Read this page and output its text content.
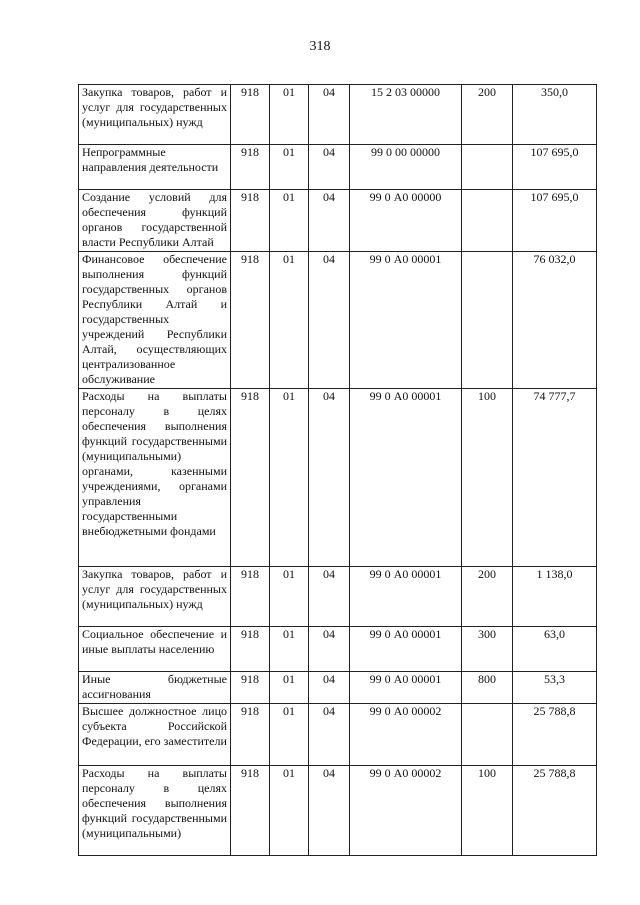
318
Закупка товаров, работ и услуг для государственных (муниципальных) нужд	918	01	04	15 2 03 00000	200	350,0
Непрограммные направления деятельности	918	01	04	99 0 00 00000		107 695,0
Создание условий для обеспечения функций органов государственной власти Республики Алтай	918	01	04	99 0 А0 00000		107 695,0
Финансовое обеспечение выполнения функций государственных органов Республики Алтай и государственных учреждений Республики Алтай, осуществляющих централизованное обслуживание	918	01	04	99 0 А0 00001		76 032,0
Расходы на выплаты персоналу в целях обеспечения выполнения функций государственными (муниципальными) органами, казенными учреждениями, органами управления государственными внебюджетными фондами	918	01	04	99 0 А0 00001	100	74 777,7
Закупка товаров, работ и услуг для государственных (муниципальных) нужд	918	01	04	99 0 А0 00001	200	1 138,0
Социальное обеспечение и иные выплаты населению	918	01	04	99 0 А0 00001	300	63,0
Иные бюджетные ассигнования	918	01	04	99 0 А0 00001	800	53,3
Высшее должностное лицо субъекта Российской Федерации, его заместители	918	01	04	99 0 А0 00002		25 788,8
Расходы на выплаты персоналу в целях обеспечения выполнения функций государственными (муниципальными)	918	01	04	99 0 А0 00002	100	25 788,8
